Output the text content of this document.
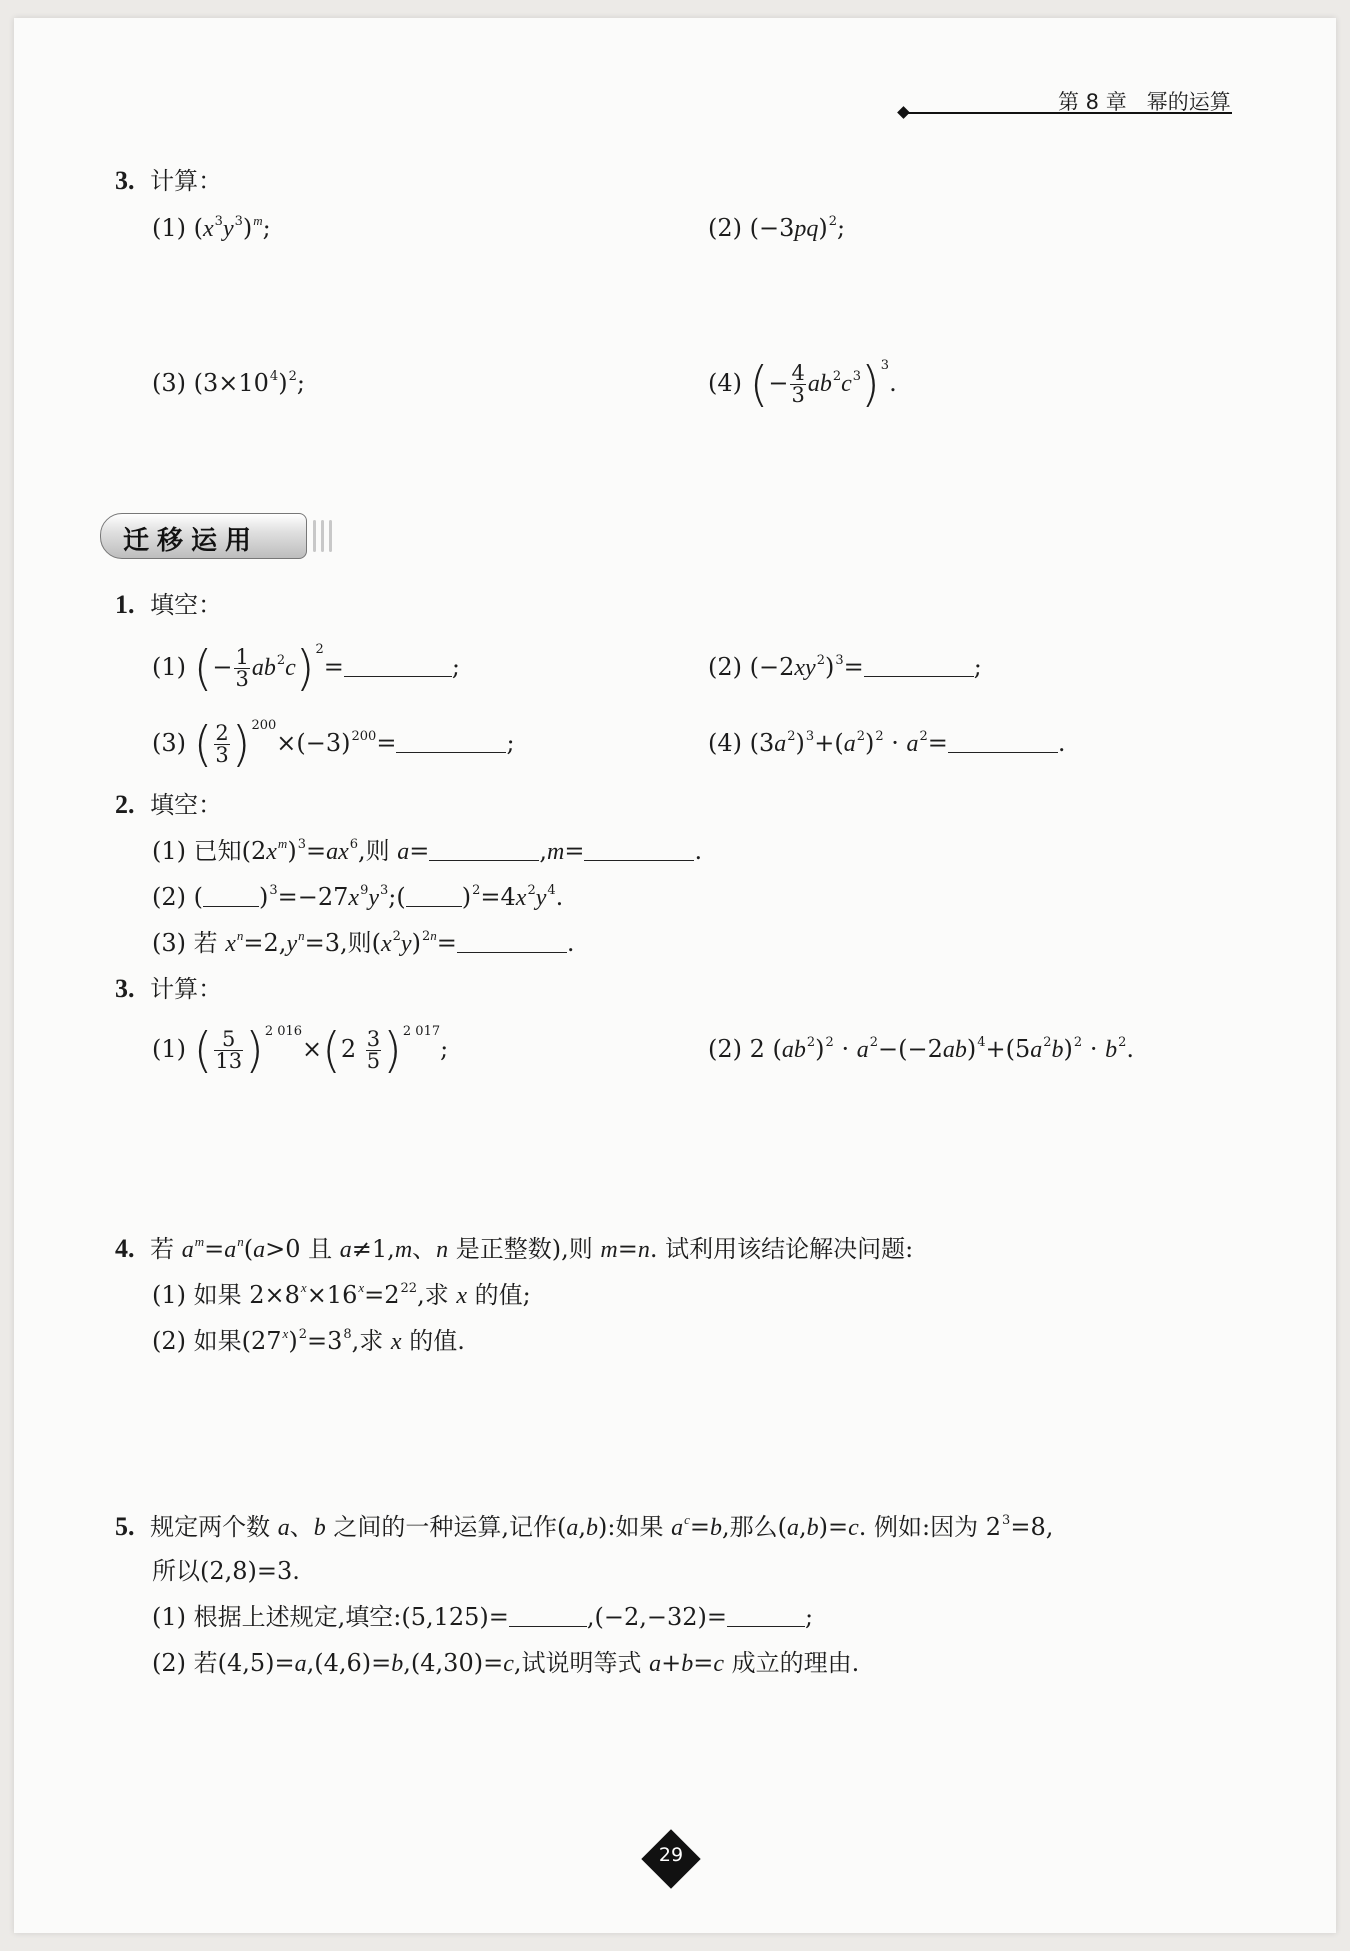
第 8 章 幂的运算
3. 计算：
(1) $(x^3y^3)^m$;	(2) $(-3pq)^2$;
(3) $(3\times 10^4)^2$;	(4) (− $\frac{4}{3} ab^2c^3)^3$.
迁移运用
1. 填空：
(1) (− $\frac{1}{3} ab^2c)^2=$	;	(2) $(-2xy^2)^3=$	;
(3) ( $\frac{2}{3} )^{200}\times(-3)^{200}=$	;	(4) $(3a^2)^3+(a^2)^2 \cdot a^2=$	.
2. 填空：
(1) 已知$(2x^m)^3=ax^6$,则 a=	,m=	.
(2) ( )$^3=-27x^9y^3$;( )$^2=4x^2y^4$.
(3) 若 $x^n=2,y^n=3$,则$(x^2y)^{2n}=$	.
3. 计算：
(1) ( $\frac{5}{13} )^{2 016}\times(2 \frac{3}{5} )^{2 017}$;	(2) 2 $(ab^2)^2 \cdot a^2-(-2ab)^4+(5a^2b)^2 \cdot b^2$.
4. 若 $a^m=a^n(a>0$ 且 a≠1,m、n 是正整数),则 m=n. 试利用该结论解决问题:
(1) 如果 $2\times 8^x\times 16^x=2^{22}$,求 x 的值;
(2) 如果$(27^x)^2=3^8$,求 x 的值.
5. 规定两个数 a、b 之间的一种运算,记作(a,b):如果 $a^c=b$,那么(a,b)=c. 例如:因为 $2^3=8$,
所以(2,8)=3.
(1) 根据上述规定,填空:(5,125)=	,(−2,−32)=	;
(2) 若(4,5)=a,(4,6)=b,(4,30)=c,试说明等式 a+b=c 成立的理由.
29
